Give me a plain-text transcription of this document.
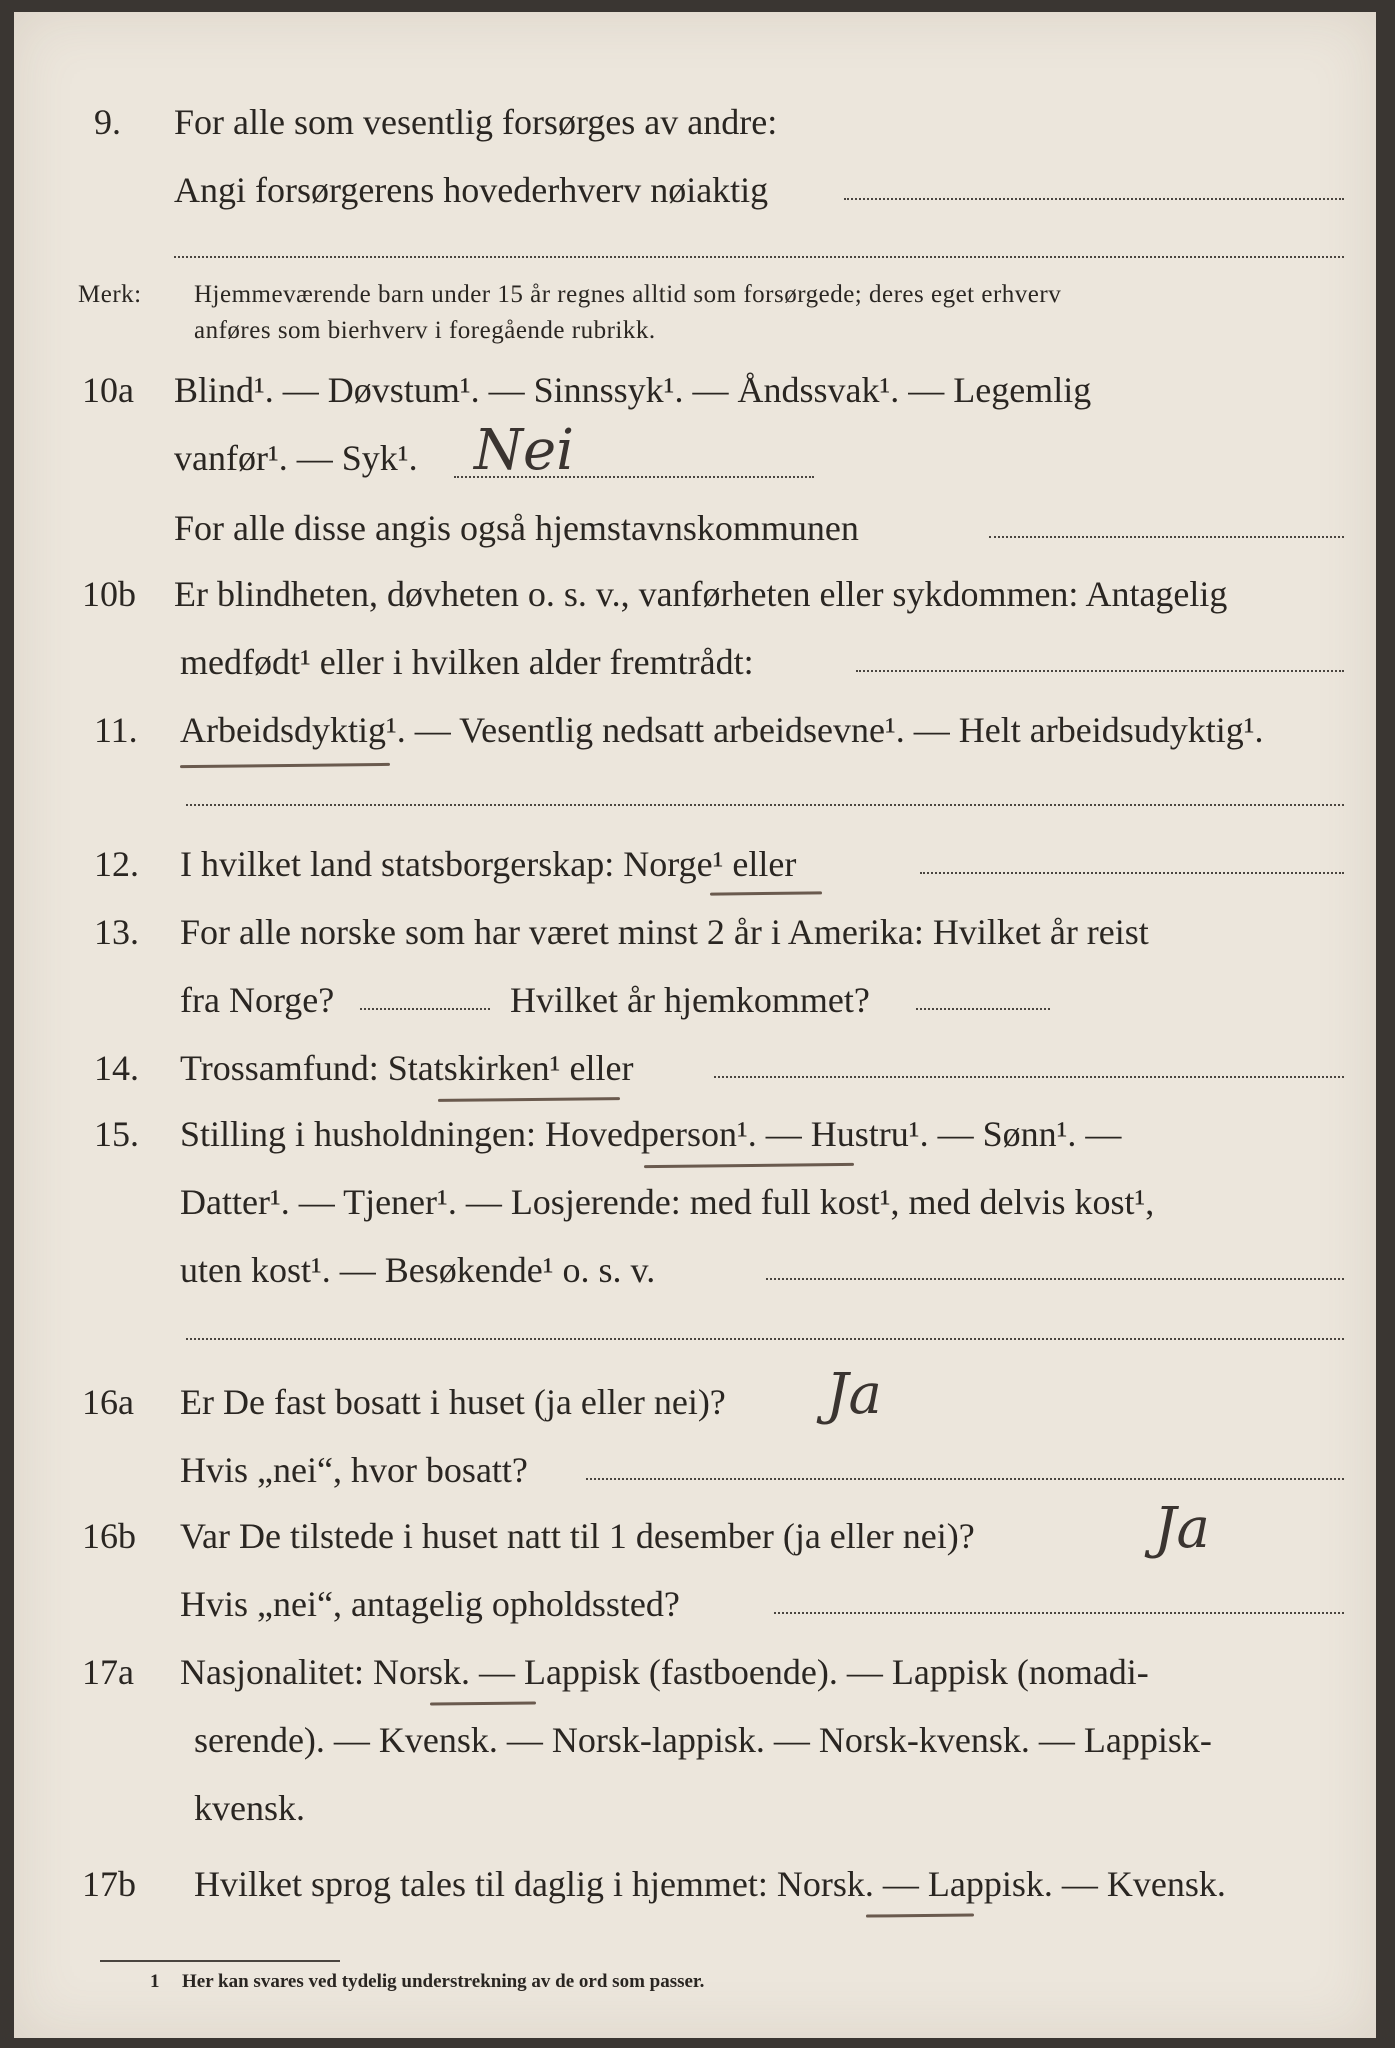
9. For alle som vesentlig forsørges av andre:
Angi forsørgerens hovederhverv nøiaktig
Merk: Hjemmeværende barn under 15 år regnes alltid som forsørgede; deres eget erhverv
anføres som bierhverv i foregående rubrikk.
10a Blind¹. — Døvstum¹. — Sinnssyk¹. — Åndssvak¹. — Legemlig
vanfør¹. — Syk¹. Nei
For alle disse angis også hjemstavnskommunen
10b Er blindheten, døvheten o. s. v., vanførheten eller sykdommen: Antagelig
medfødt¹ eller i hvilken alder fremtrådt:
11. Arbeidsdyktig¹. — Vesentlig nedsatt arbeidsevne¹. — Helt arbeidsudyktig¹.
12. I hvilket land statsborgerskap: Norge¹ eller
13. For alle norske som har været minst 2 år i Amerika: Hvilket år reist
fra Norge?	Hvilket år hjemkommet?
14. Trossamfund: Statskirken¹ eller
15. Stilling i husholdningen: Hovedperson¹. — Hustru¹. — Sønn¹. —
Datter¹. — Tjener¹. — Losjerende: med full kost¹, med delvis kost¹,
uten kost¹. — Besøkende¹ o. s. v.
16a Er De fast bosatt i huset (ja eller nei)? Ja
Hvis „nei“, hvor bosatt?
16b Var De tilstede i huset natt til 1 desember (ja eller nei)?	Ja
Hvis „nei“, antagelig opholdssted?
17a Nasjonalitet: Norsk. — Lappisk (fastboende). — Lappisk (nomadi-
serende). — Kvensk. — Norsk-lappisk. — Norsk-kvensk. — Lappisk-
kvensk.
17b Hvilket sprog tales til daglig i hjemmet: Norsk. — Lappisk. — Kvensk.
1 Her kan svares ved tydelig understrekning av de ord som passer.
